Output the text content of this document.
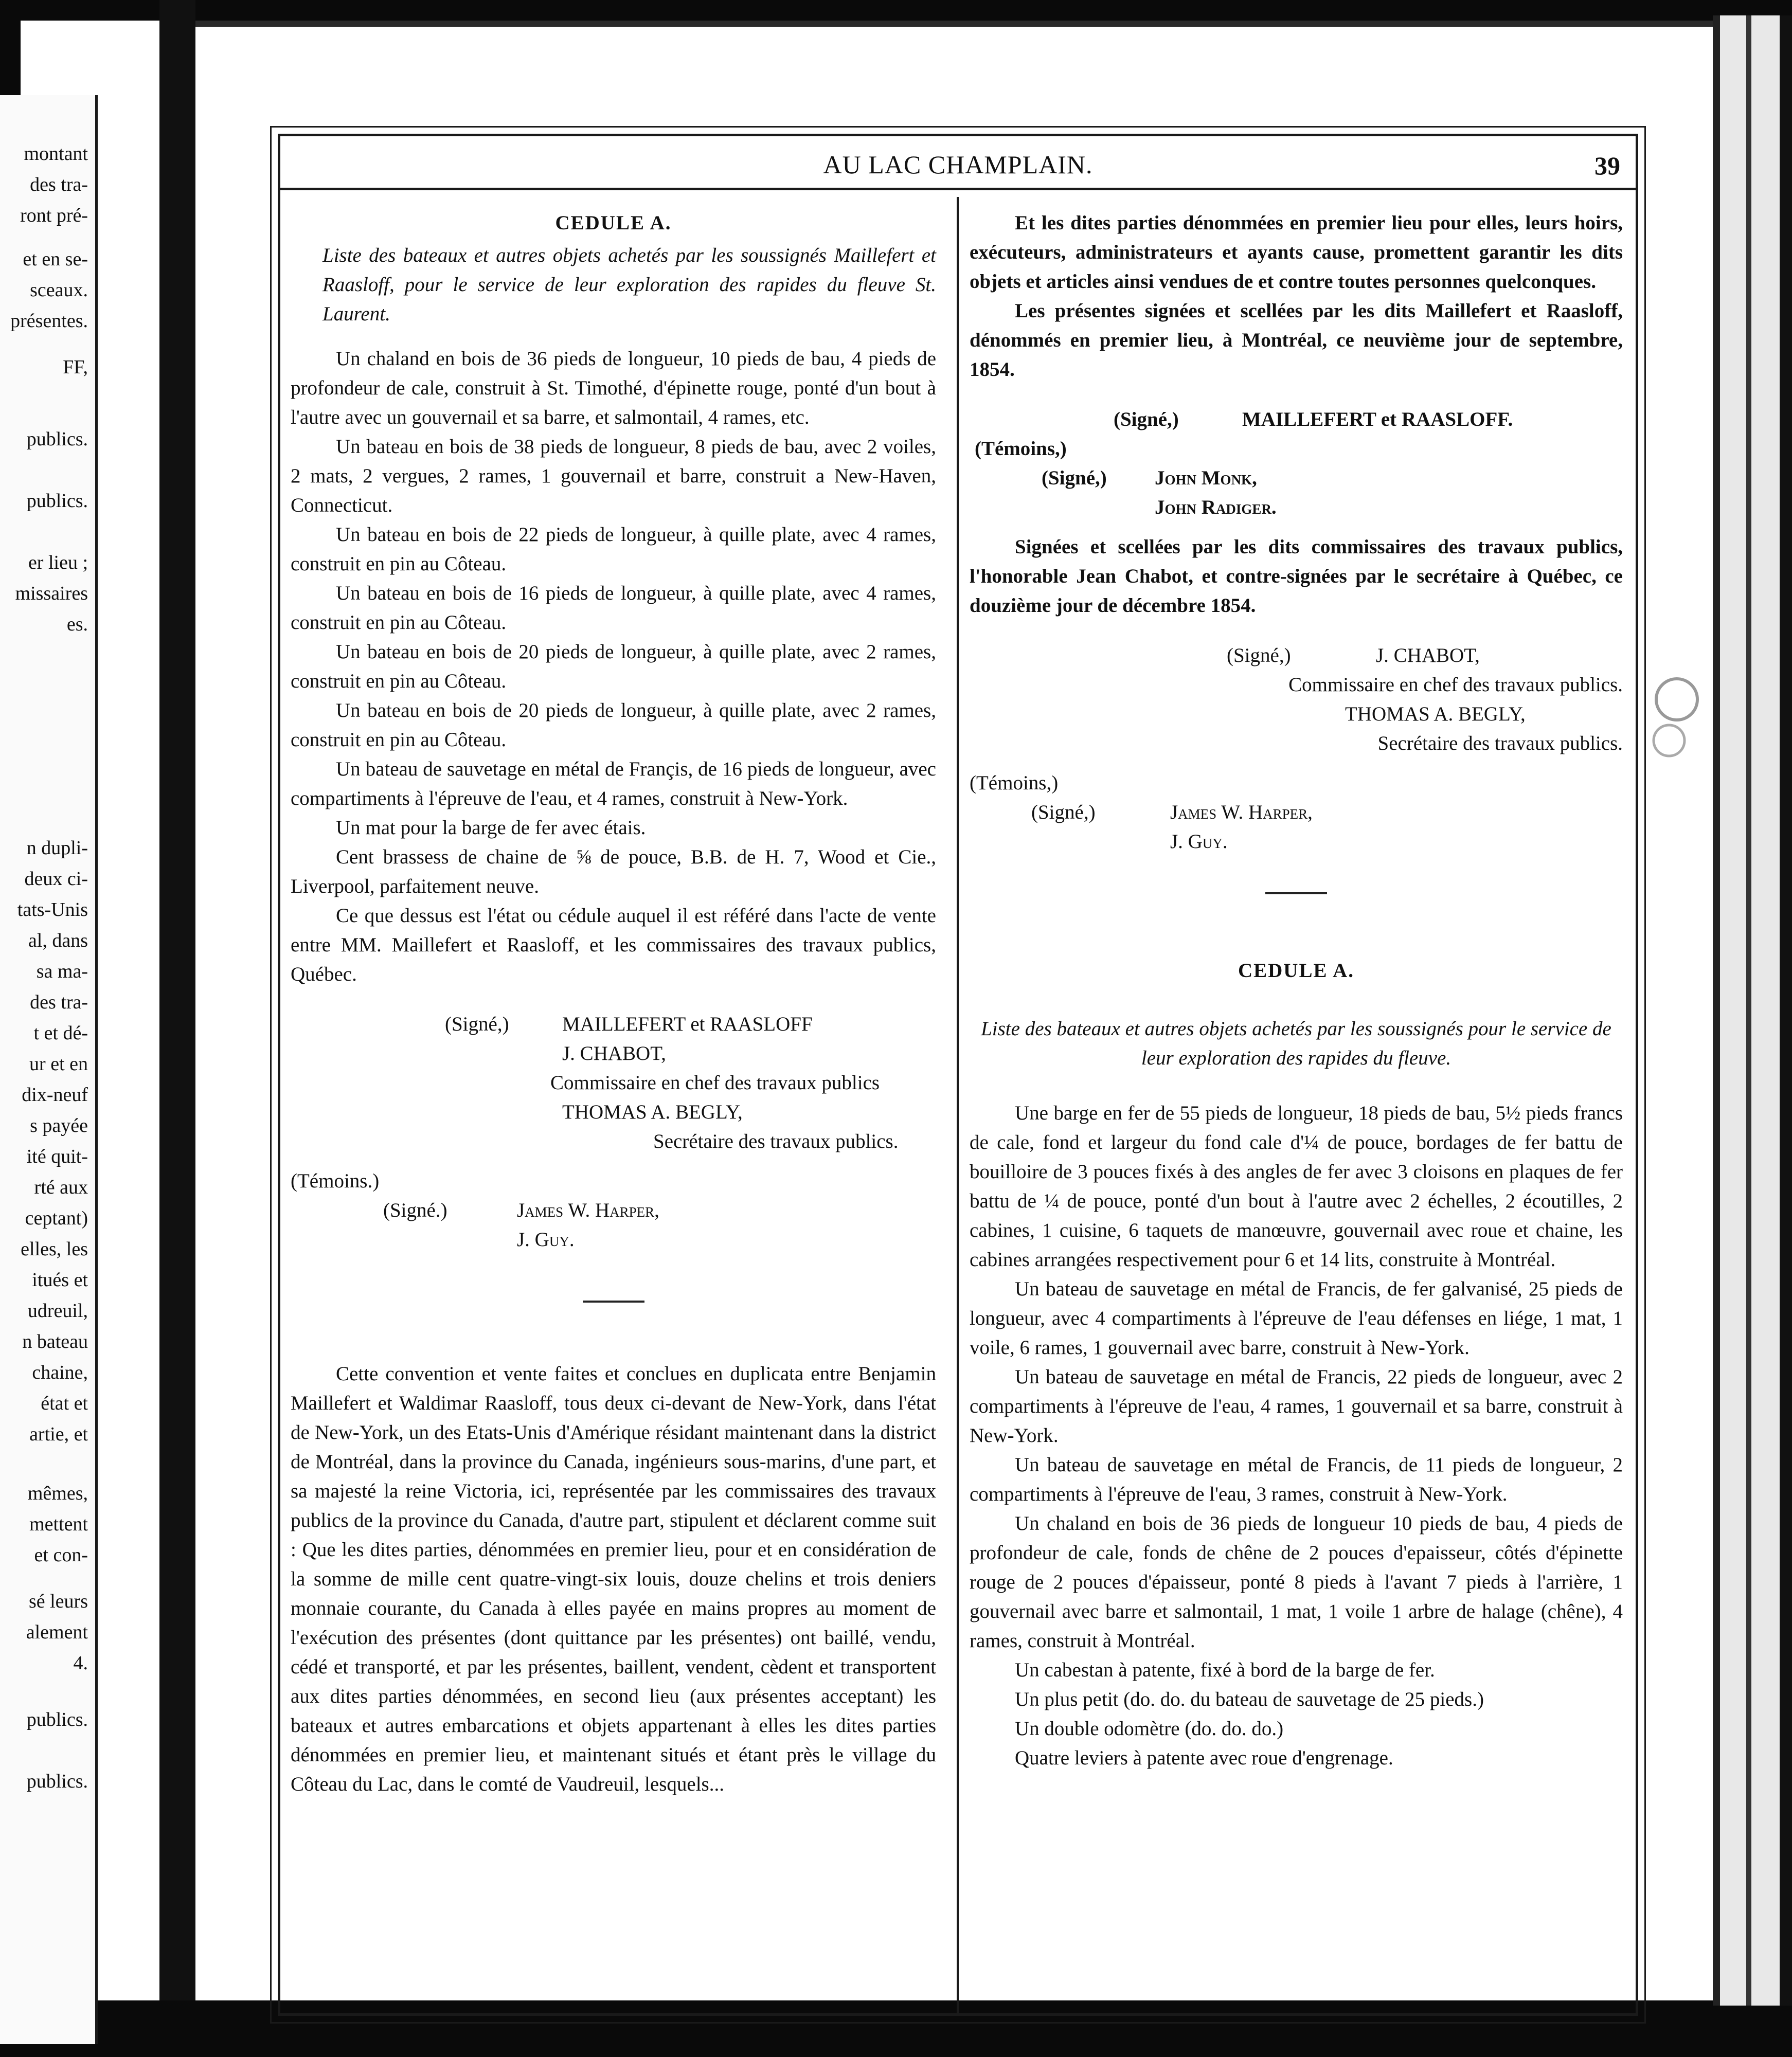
montant
des tra-
ront pré-
et en se-
sceaux.
présentes.
FF,
publics.
publics.
er lieu ;
missaires
es.
n dupli-
deux ci-
tats-Unis
al, dans
sa ma-
des tra-
t et dé-
ur et en
dix-neuf
s payée
ité quit-
rté aux
ceptant)
elles, les
itués et
udreuil,
n bateau
chaine,
état et
artie, et
mêmes,
mettent
et con-
sé leurs
alement
4.
publics.
publics.
AU LAC CHAMPLAIN.	39

CEDULE A.

Liste des bateaux et autres objets achetés par les soussignés Maillefert et Raasloff, pour le service de leur exploration des rapides du fleuve St. Laurent.

Un chaland en bois de 36 pieds de longueur, 10 pieds de bau, 4 pieds de profondeur de cale, construit à St. Timothé, d'épinette rouge, ponté d'un bout à l'autre avec un gouvernail et sa barre, et salmontail, 4 rames, etc.

Un bateau en bois de 38 pieds de longueur, 8 pieds de bau, avec 2 voiles, 2 mats, 2 vergues, 2 rames, 1 gouvernail et barre, construit a New-Haven, Connecticut.

Un bateau en bois de 22 pieds de longueur, à quille plate, avec 4 rames, construit en pin au Côteau.

Un bateau en bois de 16 pieds de longueur, à quille plate, avec 4 rames, construit en pin au Côteau.

Un bateau en bois de 20 pieds de longueur, à quille plate, avec 2 rames, construit en pin au Côteau.

Un bateau en bois de 20 pieds de longueur, à quille plate, avec 2 rames, construit en pin au Côteau.

Un bateau de sauvetage en métal de Françis, de 16 pieds de longueur, avec compartiments à l'épreuve de l'eau, et 4 rames, construit à New-York.

Un mat pour la barge de fer avec étais.

Cent brassess de chaine de ⅝ de pouce, B.B. de H. 7, Wood et Cie., Liverpool, parfaitement neuve.

Ce que dessus est l'état ou cédule auquel il est référé dans l'acte de vente entre MM. Maillefert et Raasloff, et les commissaires des travaux publics, Québec.

(Signé,)	MAILLEFERT et RAASLOFF
J. CHABOT,
Commissaire en chef des travaux publics
THOMAS A. BEGLY,
Secrétaire des travaux publics.
(Témoins.)
(Signé.)	James W. Harper,
J. Guy.

Cette convention et vente faites et conclues en duplicata entre Benjamin Maillefert et Waldimar Raasloff, tous deux ci-devant de New-York, dans l'état de New-York, un des Etats-Unis d'Amérique résidant maintenant dans la district de Montréal, dans la province du Canada, ingénieurs sous-marins, d'une part, et sa majesté la reine Victoria, ici, représentée par les commissaires des travaux publics de la province du Canada, d'autre part, stipulent et déclarent comme suit : Que les dites parties, dénommées en premier lieu, pour et en considération de la somme de mille cent quatre-vingt-six louis, douze chelins et trois deniers monnaie courante, du Canada à elles payée en mains propres au moment de l'exécution des présentes (dont quittance par les présentes) ont baillé, vendu, cédé et transporté, et par les présentes, baillent, vendent, cèdent et transportent aux dites parties dénommées, en second lieu (aux présentes acceptant) les bateaux et autres embarcations et objets appartenant à elles les dites parties dénommées en premier lieu, et maintenant situés et étant près le village du Côteau du Lac, dans le comté de Vaudreuil, lesquels...

Et les dites parties dénommées en premier lieu pour elles, leurs hoirs, exécuteurs, administrateurs et ayants cause, promettent garantir les dits objets et articles ainsi vendues de et contre toutes personnes quelconques.

Les présentes signées et scellées par les dits Maillefert et Raasloff, dénommés en premier lieu, à Montréal, ce neuvième jour de septembre, 1854.

(Signé,)	MAILLEFERT et RAASLOFF.
(Témoins,)
(Signé,) John Monk,
John Radiger.

Signées et scellées par les dits commissaires des travaux publics, l'honorable Jean Chabot, et contre-signées par le secrétaire à Québec, ce douzième jour de décembre 1854.

(Signé,)	J. CHABOT,
Commissaire en chef des travaux publics.
THOMAS A. BEGLY,
Secrétaire des travaux publics.
(Témoins,)
(Signé,)	James W. Harper,
J. Guy.

CEDULE A.

Liste des bateaux et autres objets achetés par les soussignés pour le service de leur exploration des rapides du fleuve.

Une barge en fer de 55 pieds de longueur, 18 pieds de bau, 5½ pieds francs de cale, fond et largeur du fond cale d'¼ de pouce, bordages de fer battu de bouilloire de 3 pouces fixés à des angles de fer avec 3 cloisons en plaques de fer battu de ¼ de pouce, ponté d'un bout à l'autre avec 2 échelles, 2 écoutilles, 2 cabines, 1 cuisine, 6 taquets de manœuvre, gouvernail avec roue et chaine, les cabines arrangées respectivement pour 6 et 14 lits, construite à Montréal.

Un bateau de sauvetage en métal de Francis, de fer galvanisé, 25 pieds de longueur, avec 4 compartiments à l'épreuve de l'eau défenses en liége, 1 mat, 1 voile, 6 rames, 1 gouvernail avec barre, construit à New-York.

Un bateau de sauvetage en métal de Francis, 22 pieds de longueur, avec 2 compartiments à l'épreuve de l'eau, 4 rames, 1 gouvernail et sa barre, construit à New-York.

Un bateau de sauvetage en métal de Francis, de 11 pieds de longueur, 2 compartiments à l'épreuve de l'eau, 3 rames, construit à New-York.

Un chaland en bois de 36 pieds de longueur 10 pieds de bau, 4 pieds de profondeur de cale, fonds de chêne de 2 pouces d'epaisseur, côtés d'épinette rouge de 2 pouces d'épaisseur, ponté 8 pieds à l'avant 7 pieds à l'arrière, 1 gouvernail avec barre et salmontail, 1 mat, 1 voile 1 arbre de halage (chêne), 4 rames, construit à Montréal.

Un cabestan à patente, fixé à bord de la barge de fer.

Un plus petit (do. do. du bateau de sauvetage de 25 pieds.)

Un double odomètre (do. do. do.)

Quatre leviers à patente avec roue d'engrenage.
